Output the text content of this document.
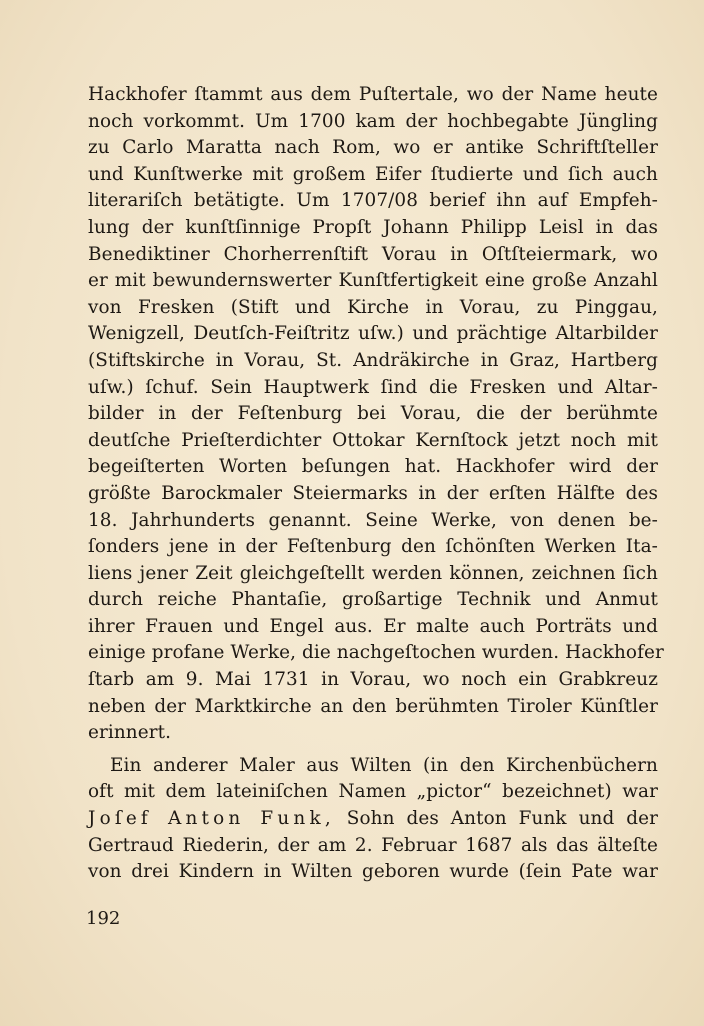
Hackhofer ſtammt aus dem Puſtertale, wo der Name heute
noch vorkommt. Um 1700 kam der hochbegabte Jüngling
zu Carlo Maratta nach Rom, wo er antike Schriftſteller
und Kunſtwerke mit großem Eifer ſtudierte und ſich auch
literariſch betätigte. Um 1707/08 berief ihn auf Empfeh-
lung der kunſtſinnige Propſt Johann Philipp Leisl in das
Benediktiner Chorherrenſtift Vorau in Oſtſteiermark, wo
er mit bewundernswerter Kunſtfertigkeit eine große Anzahl
von Fresken (Stift und Kirche in Vorau, zu Pinggau,
Wenigzell, Deutſch-Feiſtritz uſw.) und prächtige Altarbilder
(Stiftskirche in Vorau, St. Andräkirche in Graz, Hartberg
uſw.) ſchuf. Sein Hauptwerk ſind die Fresken und Altar-
bilder in der Feſtenburg bei Vorau, die der berühmte
deutſche Prieſterdichter Ottokar Kernſtock jetzt noch mit
begeiſterten Worten beſungen hat. Hackhofer wird der
größte Barockmaler Steiermarks in der erſten Hälfte des
18. Jahrhunderts genannt. Seine Werke, von denen be-
ſonders jene in der Feſtenburg den ſchönſten Werken Ita-
liens jener Zeit gleichgeſtellt werden können, zeichnen ſich
durch reiche Phantaſie, großartige Technik und Anmut
ihrer Frauen und Engel aus. Er malte auch Porträts und
einige profane Werke, die nachgeſtochen wurden. Hackhofer
ſtarb am 9. Mai 1731 in Vorau, wo noch ein Grabkreuz
neben der Marktkirche an den berühmten Tiroler Künſtler
erinnert.
Ein anderer Maler aus Wilten (in den Kirchenbüchern
oft mit dem lateiniſchen Namen „pictor“ bezeichnet) war
Joſef Anton Funk, Sohn des Anton Funk und der
Gertraud Riederin, der am 2. Februar 1687 als das älteſte
von drei Kindern in Wilten geboren wurde (ſein Pate war
192
